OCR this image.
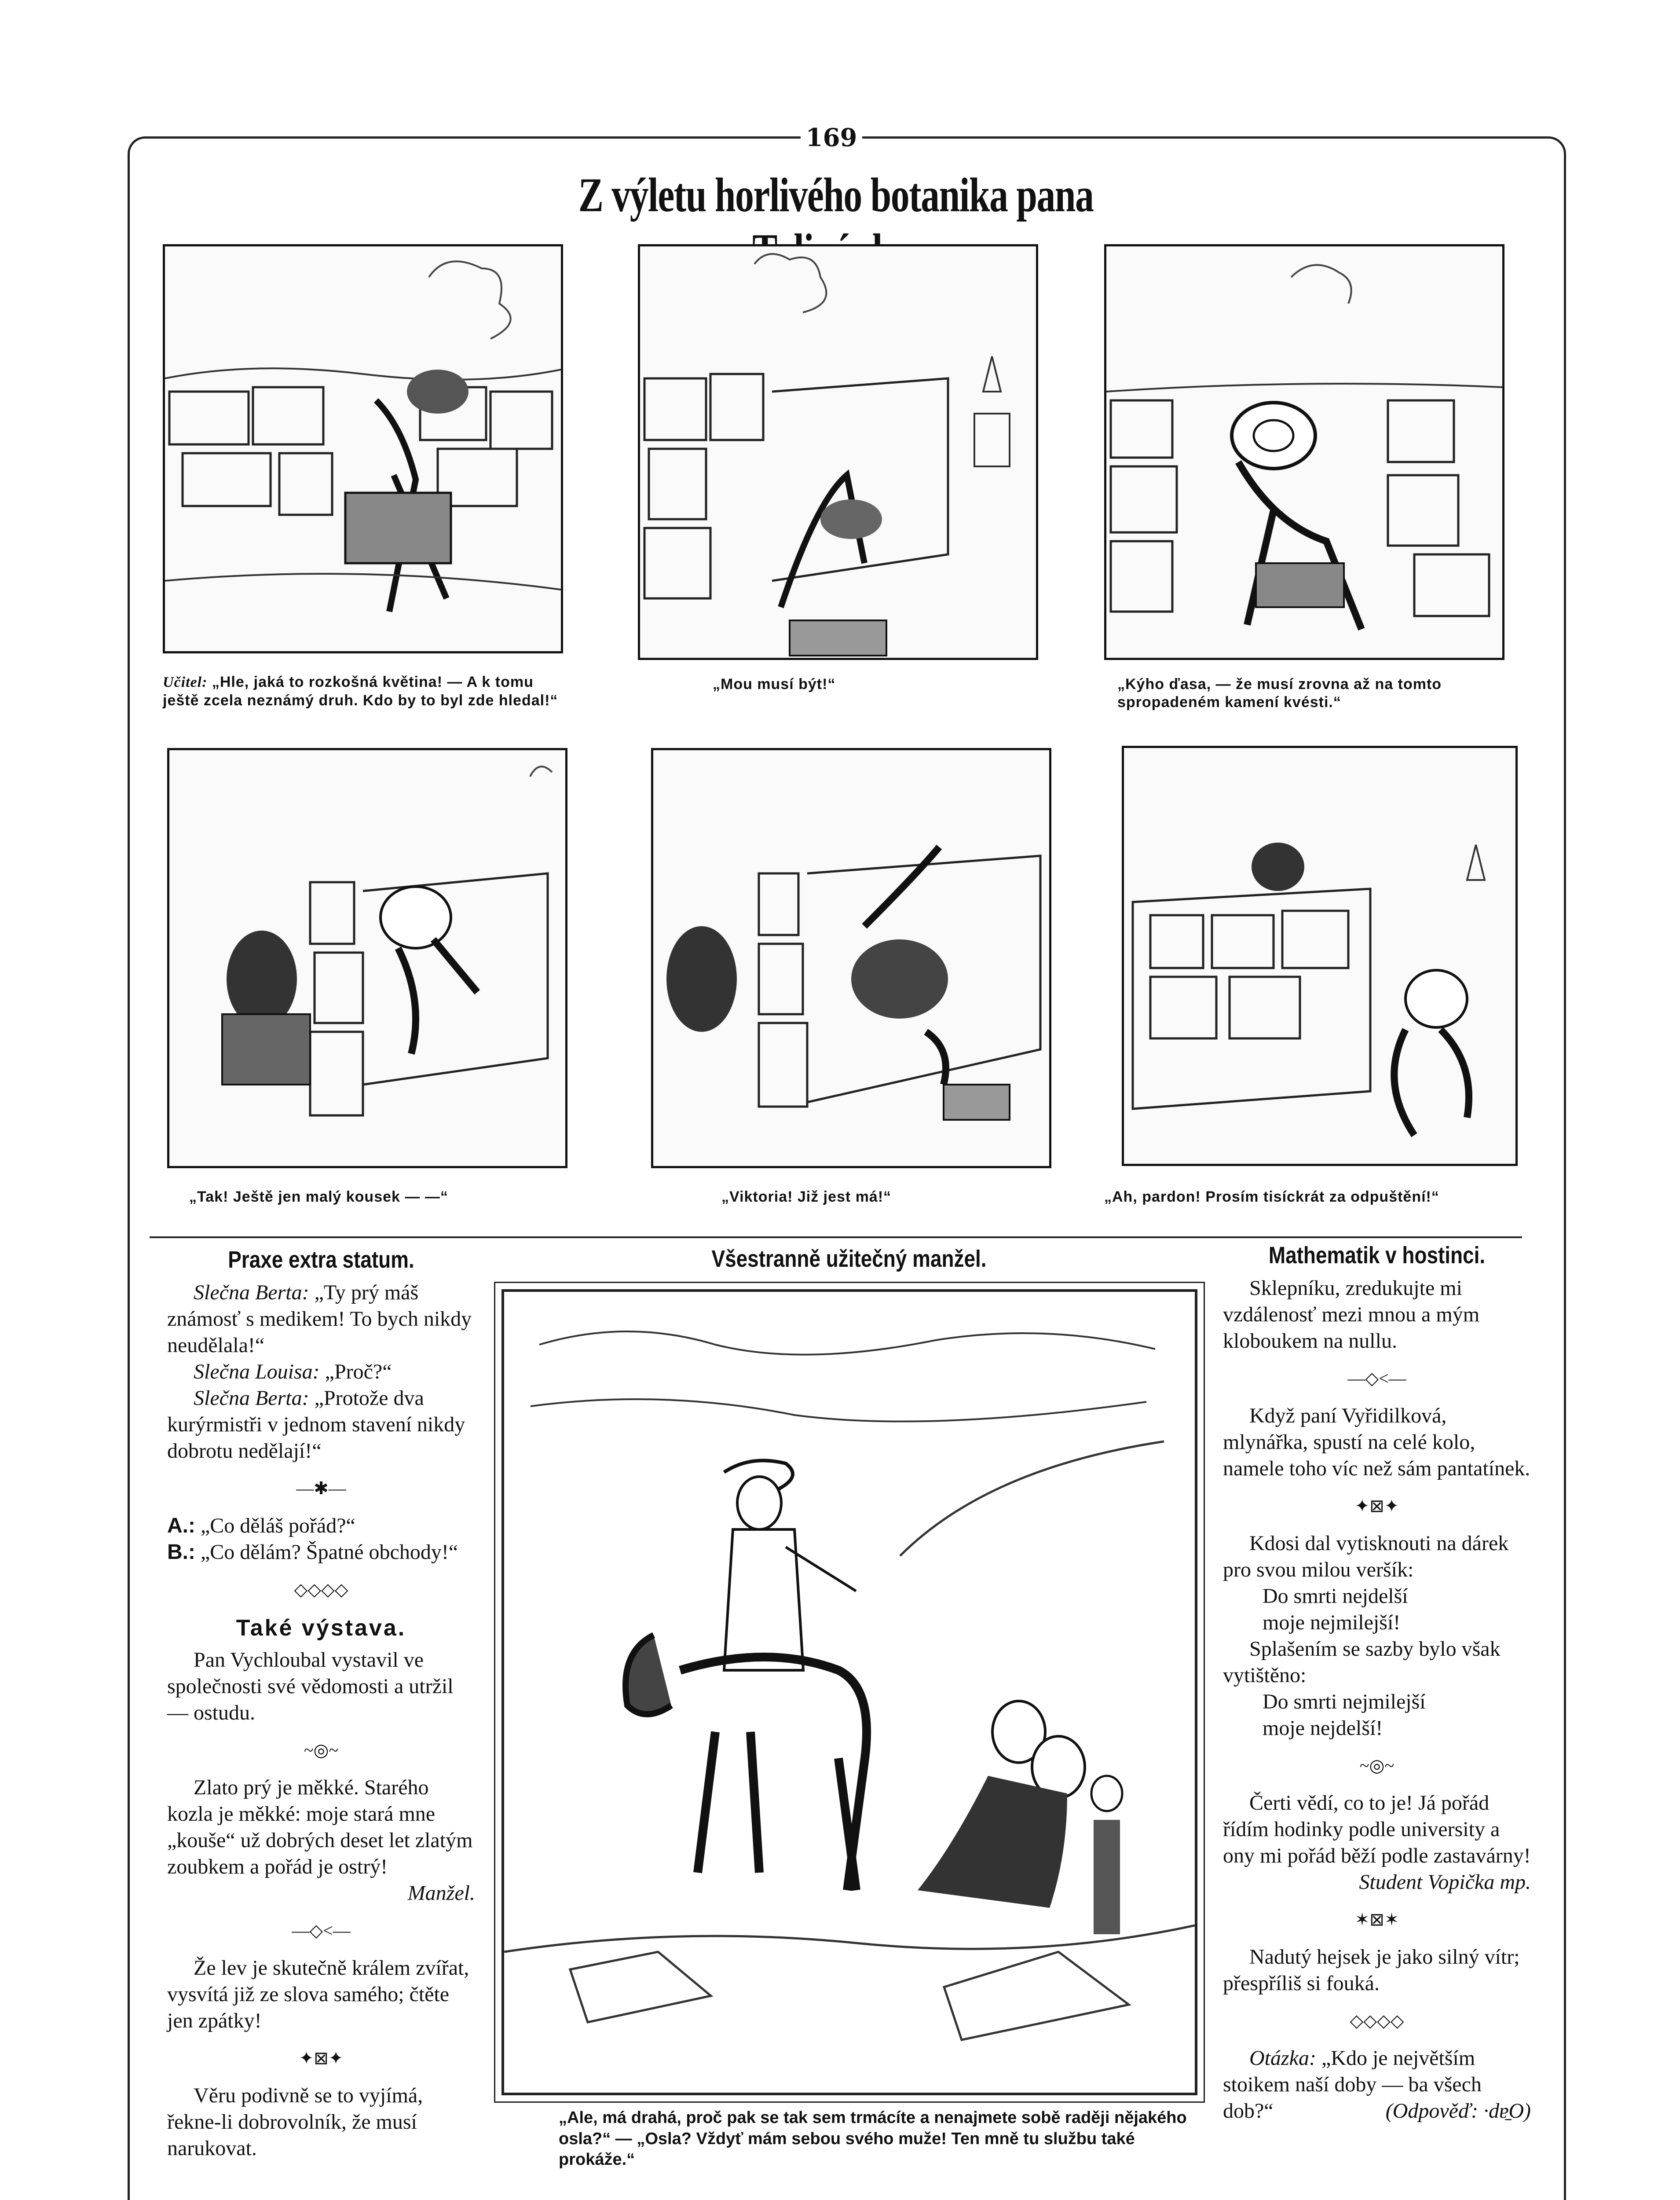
169
Z výletu horlivého botanika pana
Učitel: „Hle, jaká to rozkošná květina! — A k tomu ještě zcela neznámý druh. Kdo by to byl zde hledal!“
„Mou musí být!“	„Kýho ďasa, — že musí zrovna až na tomto spropadeném kamení kvésti.“
„Tak! Ještě jen malý kousek — —“	„Viktoria! Již jest má!“	„Ah, pardon! Prosím tisíckrát za odpuštění!“
Praxe extra statum.

Slečna Berta: „Ty prý máš známosť s medikem! To bych nikdy neudělala!“

Slečna Louisa: „Proč?“

Slečna Berta: „Protože dva kurýrmistři v jednom stavení nikdy dobrotu nedělají!“

—✱—

A.: „Co děláš pořád?“

B.: „Co dělám? Špatné obchody!“

◇◇◇◇
Také výstava.

Pan Vychloubal vystavil ve společnosti své vědomosti a utržil — ostudu.

~◎~

Zlato prý je měkké. Starého kozla je měkké: moje stará mne „kouše“ už dobrých deset let zlatým zoubkem a pořád je ostrý!

Manžel.

—◇<—

Že lev je skutečně králem zvířat, vysvítá již ze slova samého; čtěte jen zpátky!

✦⊠✦

Věru podivně se to vyjímá, řekne-li dobrovolník, že musí narukovat.

Všestranně užitečný manžel.
„Ale, má drahá, proč pak se tak sem trmácíte a nenajmete sobě raději nějakého osla?“ — „Osla? Vždyť mám sebou svého muže! Ten mně tu službu také prokáže.“
Mathematik v hostinci.

Sklepníku, zredukujte mi vzdálenosť mezi mnou a mým kloboukem na nullu.

—◇<—

Když paní Vyřidilková, mlynářka, spustí na celé kolo, namele toho víc než sám pantatínek.

✦⊠✦

Kdosi dal vytisknouti na dárek pro svou milou veršík:

Do smrti nejdelší

moje nejmilejší!

Splašením se sazby bylo však vytištěno:

Do smrti nejmilejší

moje nejdelší!

~◎~

Čerti vědí, co to je! Já pořád řídím hodinky podle university a ony mi pořád běží podle zastavárny!

Student Vopička mp.

✶⊠✶

Nadutý hejsek je jako silný vítr; přespříliš si fouká.

◇◇◇◇

Otázka: „Kdo je největším stoikem naší doby — ba všech dob?“	(Odpověď: ·dɐ̱O)
